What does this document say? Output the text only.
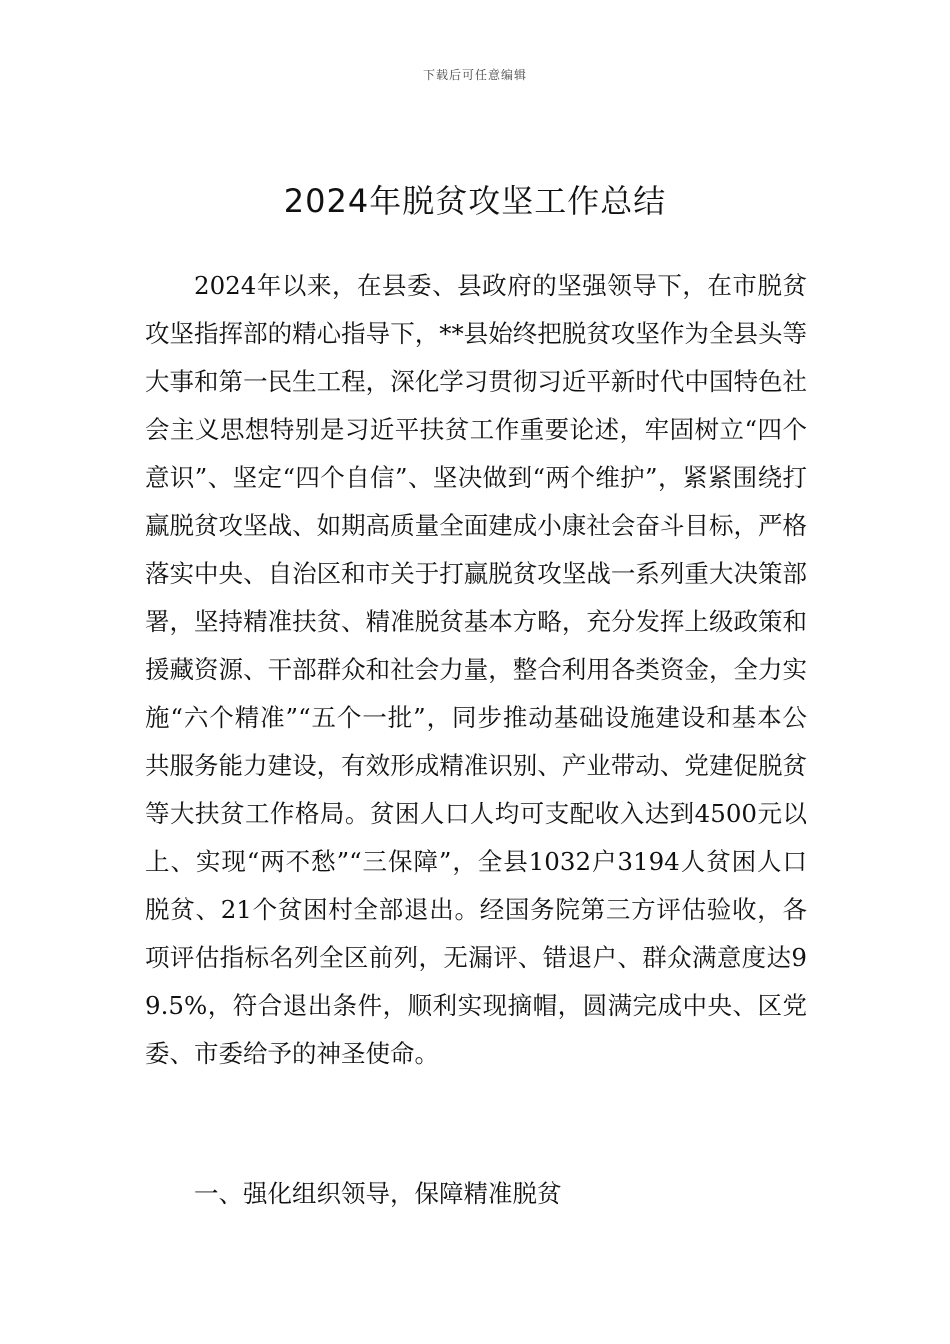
下载后可任意编辑
2024年脱贫攻坚工作总结

2024年以来，在县委、县政府的坚强领导下，在市脱贫攻坚指挥部的精心指导下，**县始终把脱贫攻坚作为全县头等大事和第一民生工程，深化学习贯彻习近平新时代中国特色社会主义思想特别是习近平扶贫工作重要论述，牢固树立“四个意识”、坚定“四个自信”、坚决做到“两个维护”，紧紧围绕打赢脱贫攻坚战、如期高质量全面建成小康社会奋斗目标，严格落实中央、自治区和市关于打赢脱贫攻坚战一系列重大决策部署，坚持精准扶贫、精准脱贫基本方略，充分发挥上级政策和援藏资源、干部群众和社会力量，整合利用各类资金，全力实施“六个精准”“五个一批”，同步推动基础设施建设和基本公共服务能力建设，有效形成精准识别、产业带动、党建促脱贫等大扶贫工作格局。贫困人口人均可支配收入达到4500元以上、实现“两不愁”“三保障”，全县1032户3194人贫困人口脱贫、21个贫困村全部退出。经国务院第三方评估验收，各项评估指标名列全区前列，无漏评、错退户、群众满意度达99.5%，符合退出条件，顺利实现摘帽，圆满完成中央、区党委、市委给予的神圣使命。

一、强化组织领导，保障精准脱贫
